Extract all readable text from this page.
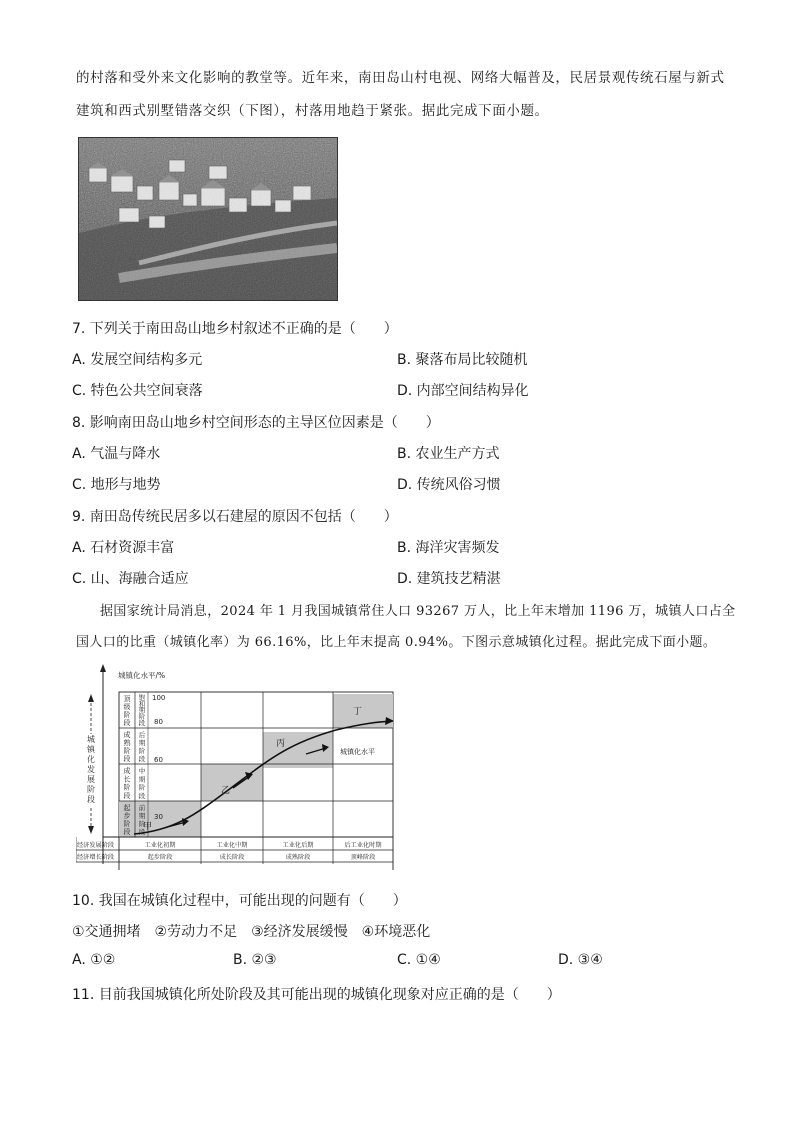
的村落和受外来文化影响的教堂等。近年来，南田岛山村电视、网络大幅普及，民居景观传统石屋与新式
建筑和西式别墅错落交织（下图），村落用地趋于紧张。据此完成下面小题。
7. 下列关于南田岛山地乡村叙述不正确的是（　　）
A. 发展空间结构多元	B. 聚落布局比较随机
C. 特色公共空间衰落	D. 内部空间结构异化
8. 影响南田岛山地乡村空间形态的主导区位因素是（　　）
A. 气温与降水	B. 农业生产方式
C. 地形与地势	D. 传统风俗习惯
9. 南田岛传统民居多以石建屋的原因不包括（　　）
A. 石材资源丰富	B. 海洋灾害频发
C. 山、海融合适应	D. 建筑技艺精湛
据国家统计局消息，2024 年 1 月我国城镇常住人口 93267 万人，比上年末增加 1196 万，城镇人口占全
国人口的比重（城镇化率）为 66.16%，比上年末提高 0.94%。下图示意城镇化过程。据此完成下面小题。
城镇化水平/%
城镇化发展阶段
顶级阶段
成熟阶段
成长阶段
起步阶段
饱和期阶段
后期阶段
中期阶段
前期阶段
100
80
60
30
甲
乙
丙
丁
城镇化水平
经济发展阶段
经济增长阶段
工业化初期	工业化中期	工业化后期	后工业化时期
起步阶段	成长阶段	成熟阶段	顶峰阶段
10. 我国在城镇化过程中，可能出现的问题有（　　）
①交通拥堵　②劳动力不足　③经济发展缓慢　④环境恶化
A. ①②	B. ②③	C. ①④	D. ③④
11. 目前我国城镇化所处阶段及其可能出现的城镇化现象对应正确的是（　　）
